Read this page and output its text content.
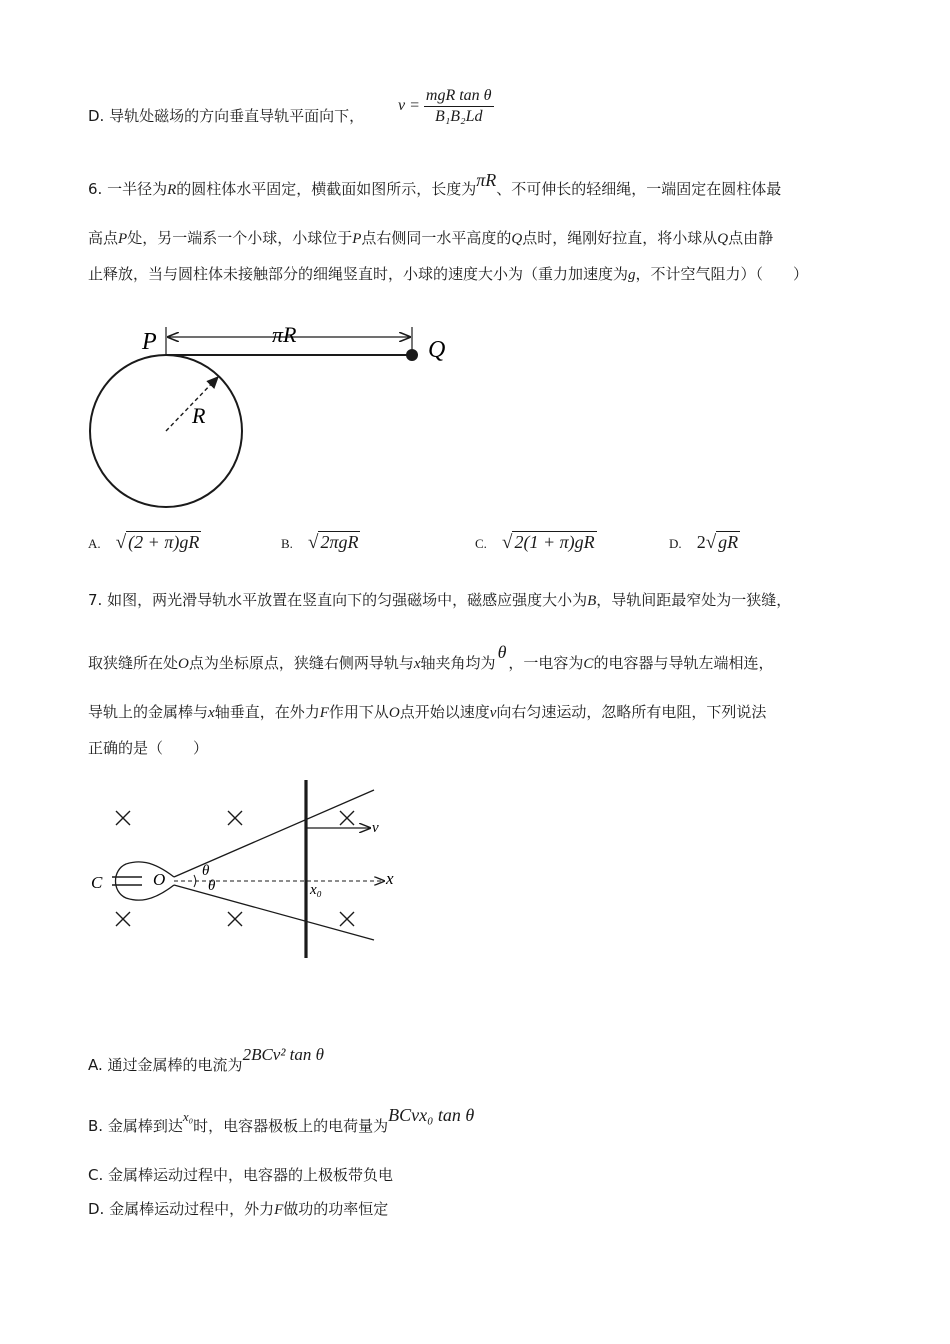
D. 导轨处磁场的方向垂直导轨平面向下，
$v = \frac{\text{mgR tan θ}}{\text{B₁B₂Ld}}$
6. 一半径为R的圆柱体水平固定，横截面如图所示，长度为πR、不可伸长的轻细绳，一端固定在圆柱体最
高点P处，另一端系一个小球，小球位于P点右侧同一水平高度的Q点时，绳刚好拉直，将小球从Q点由静
止释放，当与圆柱体未接触部分的细绳竖直时，小球的速度大小为（重力加速度为g，不计空气阻力）（　　）
P	Q
πR
R
A. √ (2 + π)gR	B. √ 2πgR	C. √ 2(1 + π)gR	D. 2√ gR
7. 如图，两光滑导轨水平放置在竖直向下的匀强磁场中，磁感应强度大小为B，导轨间距最窄处为一狭缝，
取狭缝所在处O点为坐标原点，狭缝右侧两导轨与x轴夹角均为θ，一电容为C的电容器与导轨左端相连，
导轨上的金属棒与x轴垂直，在外力F作用下从O点开始以速度v向右匀速运动，忽略所有电阻，下列说法
正确的是（　　）
C	O θ
θ	x₀
x
v
A. 通过金属棒的电流为2BCv² tan θ
B. 金属棒到达x₀时，电容器极板上的电荷量为BCvx₀ tan θ
C. 金属棒运动过程中，电容器的上极板带负电
D. 金属棒运动过程中，外力F做功的功率恒定
